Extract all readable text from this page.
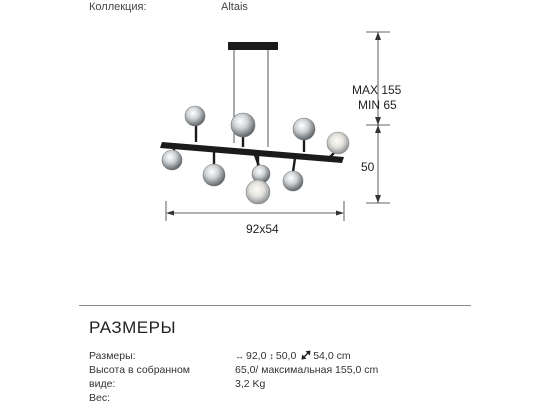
Коллекция:	Altais
92x54
MAX 155
MIN 65
50
РАЗМЕРЫ
Размеры:
Высота в собранном
виде:
Вес:
↔ 92,0 ↕ 50,0 54,0 cm
65,0/ максимальная 155,0 cm
3,2 Kg
